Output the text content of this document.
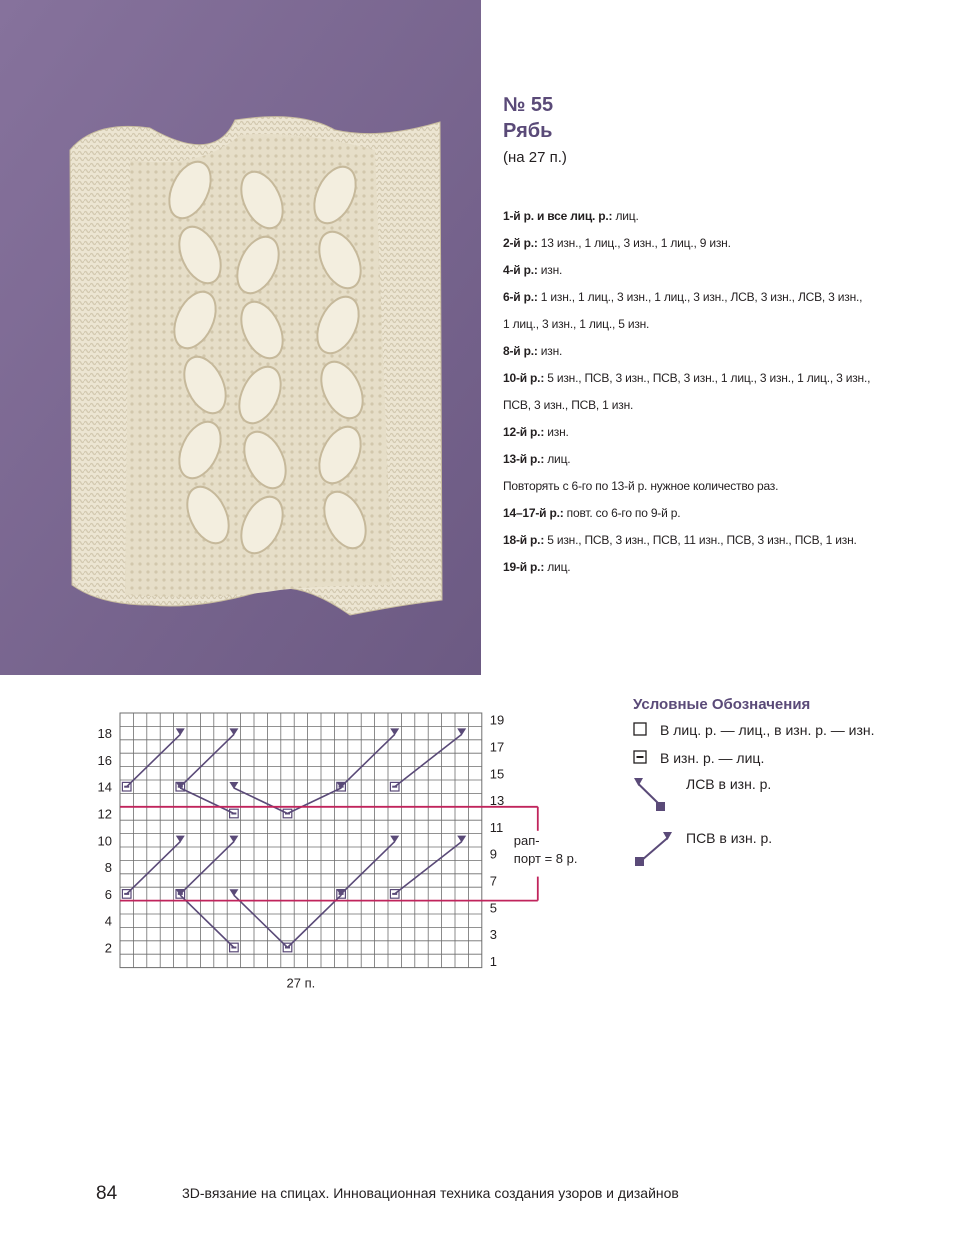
№ 55
Рябь
(на 27 п.)
1-й р. и все лиц. р.: лиц.
2-й р.: 13 изн., 1 лиц., 3 изн., 1 лиц., 9 изн.
4-й р.: изн.
6-й р.: 1 изн., 1 лиц., 3 изн., 1 лиц., 3 изн., ЛСВ, 3 изн., ЛСВ, 3 изн.,
1 лиц., 3 изн., 1 лиц., 5 изн.
8-й р.: изн.
10-й р.: 5 изн., ПСВ, 3 изн., ПСВ, 3 изн., 1 лиц., 3 изн., 1 лиц., 3 изн.,
ПСВ, 3 изн., ПСВ, 1 изн.
12-й р.: изн.
13-й р.: лиц.
Повторять с 6-го по 13-й р. нужное количество раз.
14–17-й р.: повт. со 6-го по 9-й р.
18-й р.: 5 изн., ПСВ, 3 изн., ПСВ, 11 изн., ПСВ, 3 изн., ПСВ, 1 изн.
19-й р.: лиц.
18
16
14
12
10
8
6
4
2
19
17
15
13
11
9
7
5
3
1
рап-
порт = 8 р.
27 п.
Условные Обозначения
В лиц. р. — лиц., в изн. р. — изн.
В изн. р. — лиц.
ЛСВ в изн. р.
ПСВ в изн. р.
84	3D-вязание на спицах. Инновационная техника создания узоров и дизайнов
